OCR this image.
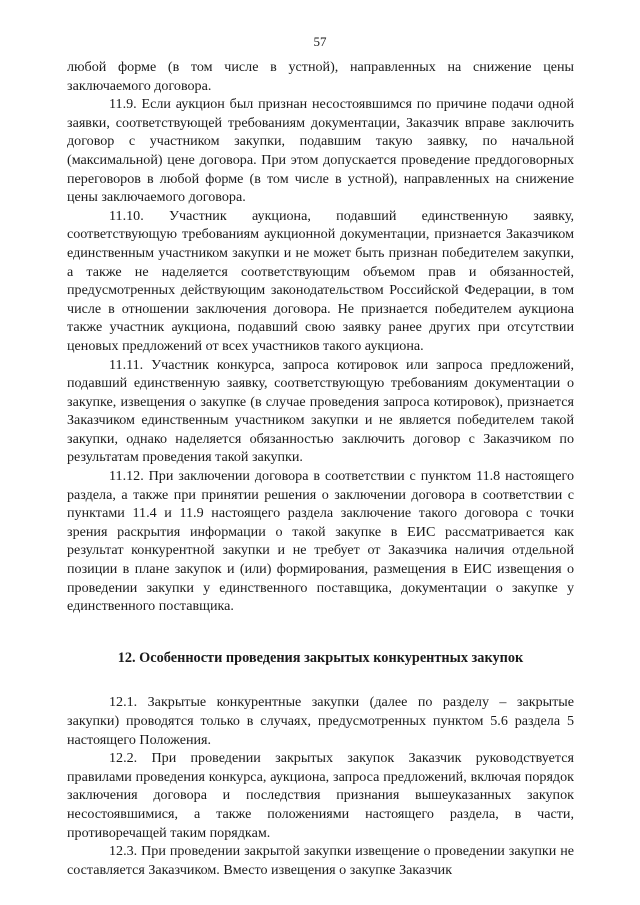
57

любой форме (в том числе в устной), направленных на снижение цены заключаемого договора.

11.9. Если аукцион был признан несостоявшимся по причине подачи одной заявки, соответствующей требованиям документации, Заказчик вправе заключить договор с участником закупки, подавшим такую заявку, по начальной (максимальной) цене договора. При этом допускается проведение преддоговорных переговоров в любой форме (в том числе в устной), направленных на снижение цены заключаемого договора.

11.10. Участник аукциона, подавший единственную заявку, соответствующую требованиям аукционной документации, признается Заказчиком единственным участником закупки и не может быть признан победителем закупки, а также не наделяется соответствующим объемом прав и обязанностей, предусмотренных действующим законодательством Российской Федерации, в том числе в отношении заключения договора. Не признается победителем аукциона также участник аукциона, подавший свою заявку ранее других при отсутствии ценовых предложений от всех участников такого аукциона.

11.11. Участник конкурса, запроса котировок или запроса предложений, подавший единственную заявку, соответствующую требованиям документации о закупке, извещения о закупке (в случае проведения запроса котировок), признается Заказчиком единственным участником закупки и не является победителем такой закупки, однако наделяется обязанностью заключить договор с Заказчиком по результатам проведения такой закупки.

11.12. При заключении договора в соответствии с пунктом 11.8 настоящего раздела, а также при принятии решения о заключении договора в соответствии с пунктами 11.4 и 11.9 настоящего раздела заключение такого договора с точки зрения раскрытия информации о такой закупке в ЕИС рассматривается как результат конкурентной закупки и не требует от Заказчика наличия отдельной позиции в плане закупок и (или) формирования, размещения в ЕИС извещения о проведении закупки у единственного поставщика, документации о закупке у единственного поставщика.

12. Особенности проведения закрытых конкурентных закупок

12.1. Закрытые конкурентные закупки (далее по разделу – закрытые закупки) проводятся только в случаях, предусмотренных пунктом 5.6 раздела 5 настоящего Положения.

12.2. При проведении закрытых закупок Заказчик руководствуется правилами проведения конкурса, аукциона, запроса предложений, включая порядок заключения договора и последствия признания вышеуказанных закупок несостоявшимися, а также положениями настоящего раздела, в части, противоречащей таким порядкам.

12.3. При проведении закрытой закупки извещение о проведении закупки не составляется Заказчиком. Вместо извещения о закупке Заказчик
